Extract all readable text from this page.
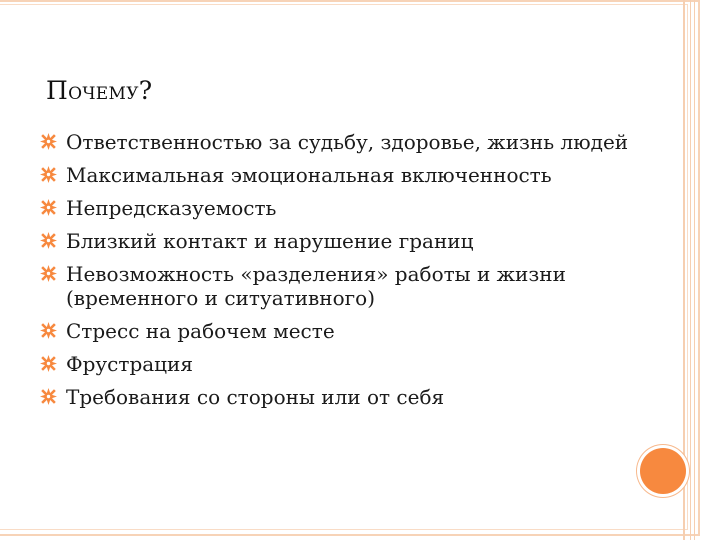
ПОЧЕМУ?
Ответственностью за судьбу, здоровье, жизнь людей
Максимальная эмоциональная включенность
Непредсказуемость
Близкий контакт и нарушение границ
Невозможность «разделения» работы и жизни (временного и ситуативного)
Стресс на рабочем месте
Фрустрация
Требования со стороны или от себя
